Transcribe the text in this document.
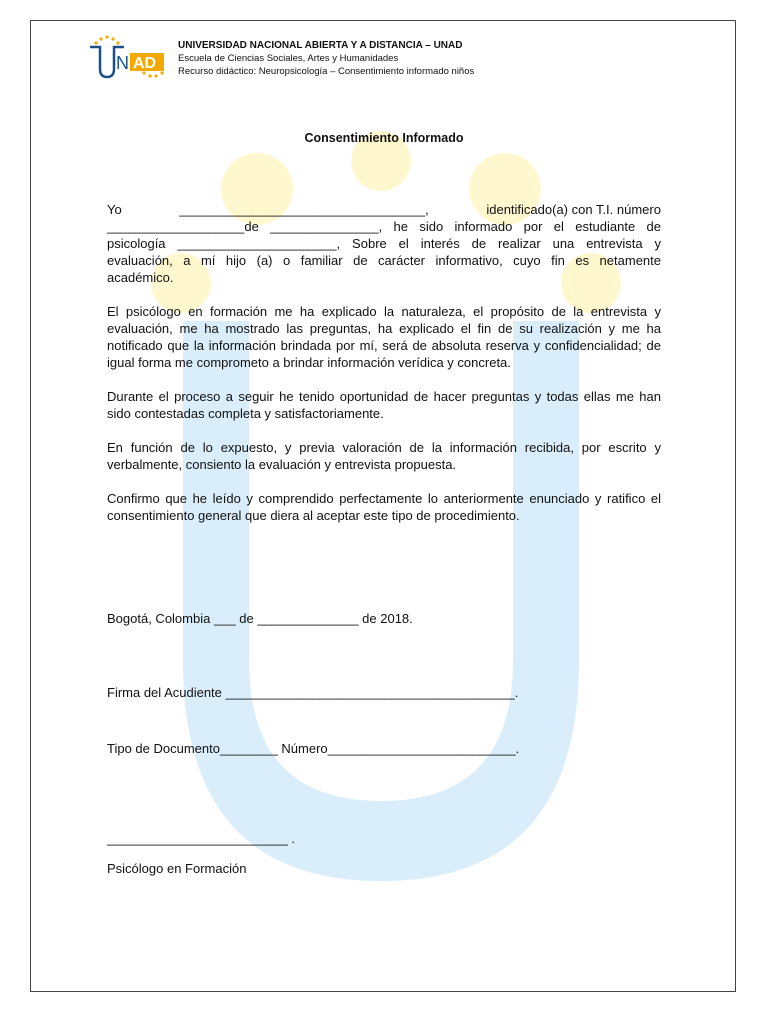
N AD
UNIVERSIDAD NACIONAL ABIERTA Y A DISTANCIA – UNAD
Escuela de Ciencias Sociales, Artes y Humanidades
Recurso didáctico: Neuropsicología – Consentimiento informado niños
Consentimiento Informado
Yo	__________________________________,	identificado(a) con T.I. número
___________________de _______________, he sido informado por el estudiante de
psicología ______________________, Sobre el interés de realizar una entrevista y
evaluación, a mí hijo (a) o familiar de carácter informativo, cuyo fin es netamente
académico.
El psicólogo en formación me ha explicado la naturaleza, el propósito de la entrevista y evaluación, me ha mostrado las preguntas, ha explicado el fin de su realización y me ha notificado que la información brindada por mí, será de absoluta reserva y confidencialidad; de igual forma me comprometo a brindar información verídica y concreta.
Durante el proceso a seguir he tenido oportunidad de hacer preguntas y todas ellas me han sido contestadas completa y satisfactoriamente.
En función de lo expuesto, y previa valoración de la información recibida, por escrito y verbalmente, consiento la evaluación y entrevista propuesta.
Confirmo que he leído y comprendido perfectamente lo anteriormente enunciado y ratifico el consentimiento general que diera al aceptar este tipo de procedimiento.
Bogotá, Colombia ___ de ______________ de 2018.
Firma del Acudiente ________________________________________.
Tipo de Documento________ Número__________________________.
_________________________ .
Psicólogo en Formación
